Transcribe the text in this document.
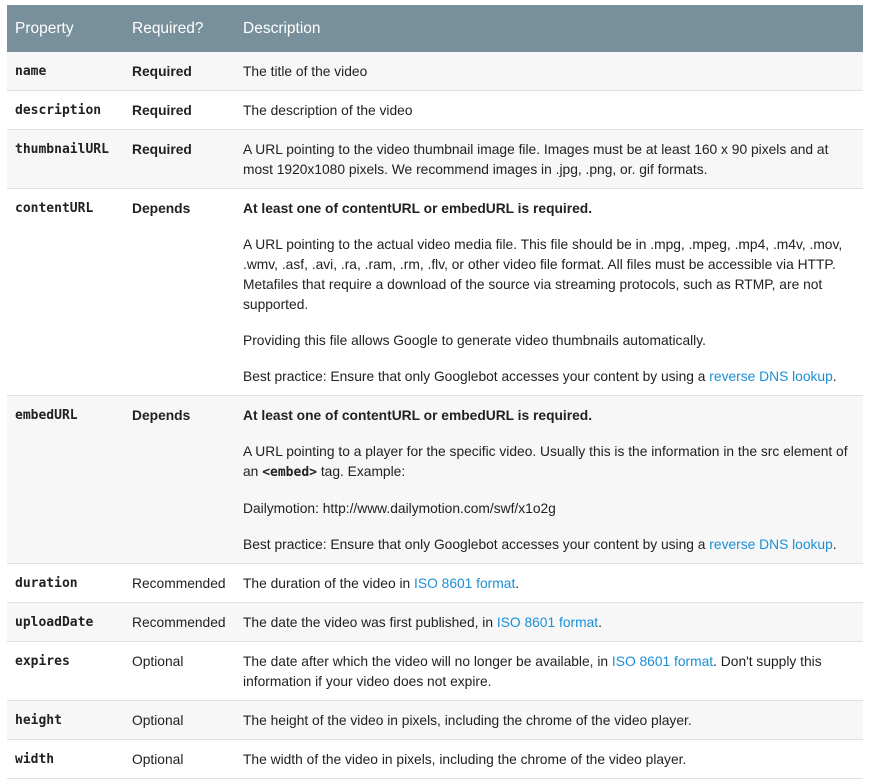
Property	Required?	Description
name	Required	The title of the video
description	Required	The description of the video
thumbnailURL	Required	A URL pointing to the video thumbnail image file. Images must be at least 160 x 90 pixels and at most 1920x1080 pixels. We recommend images in .jpg, .png, or. gif formats.
contentURL	Depends	At least one of contentURL or embedURL is required.

A URL pointing to the actual video media file. This file should be in .mpg, .mpeg, .mp4, .m4v, .mov, .wmv, .asf, .avi, .ra, .ram, .rm, .flv, or other video file format. All files must be accessible via HTTP. Metafiles that require a download of the source via streaming protocols, such as RTMP, are not supported.

Providing this file allows Google to generate video thumbnails automatically.

Best practice: Ensure that only Googlebot accesses your content by using a reverse DNS lookup.

embedURL	Depends	At least one of contentURL or embedURL is required.

A URL pointing to a player for the specific video. Usually this is the information in the src element of an <embed> tag. Example:

Dailymotion: http://www.dailymotion.com/swf/x1o2g

Best practice: Ensure that only Googlebot accesses your content by using a reverse DNS lookup.

duration	Recommended	The duration of the video in ISO 8601 format.
uploadDate	Recommended	The date the video was first published, in ISO 8601 format.
expires	Optional	The date after which the video will no longer be available, in ISO 8601 format. Don't supply this information if your video does not expire.
height	Optional	The height of the video in pixels, including the chrome of the video player.
width	Optional	The width of the video in pixels, including the chrome of the video player.
